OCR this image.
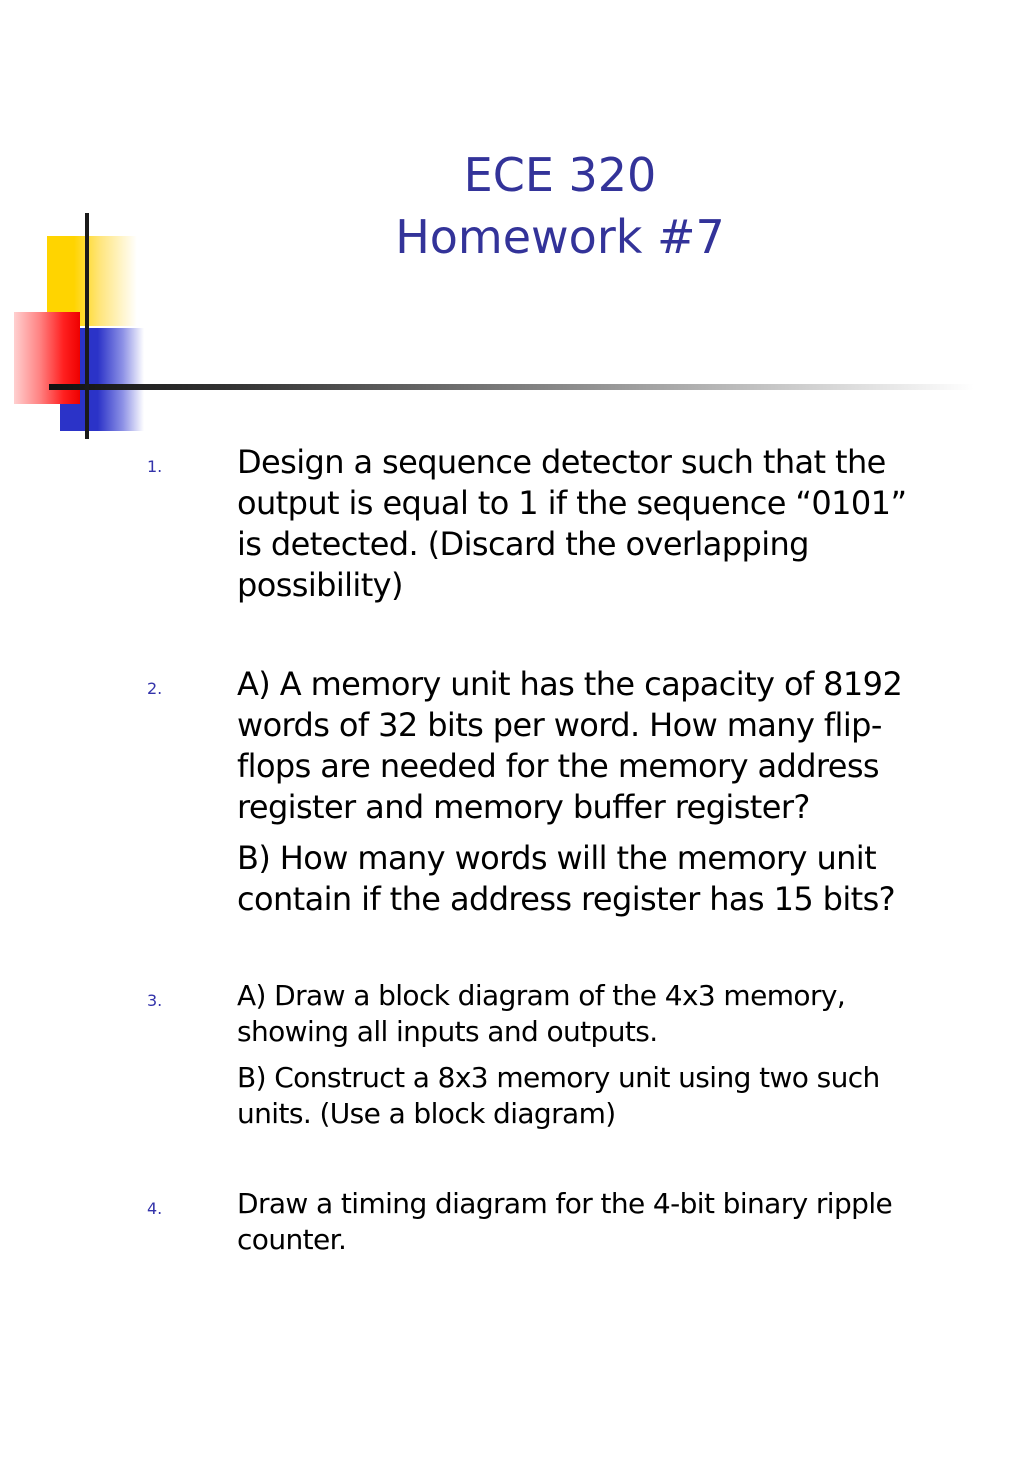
ECE 320
Homework #7
1. Design a sequence detector such that the
output is equal to 1 if the sequence “0101”
is detected. (Discard the overlapping
possibility)
2. A) A memory unit has the capacity of 8192
words of 32 bits per word. How many flip-
flops are needed for the memory address
register and memory buffer register?
B) How many words will the memory unit
contain if the address register has 15 bits?
3.	A) Draw a block diagram of the 4x3 memory,
showing all inputs and outputs.
B) Construct a 8x3 memory unit using two such
units. (Use a block diagram)
4.	Draw a timing diagram for the 4-bit binary ripple
counter.
